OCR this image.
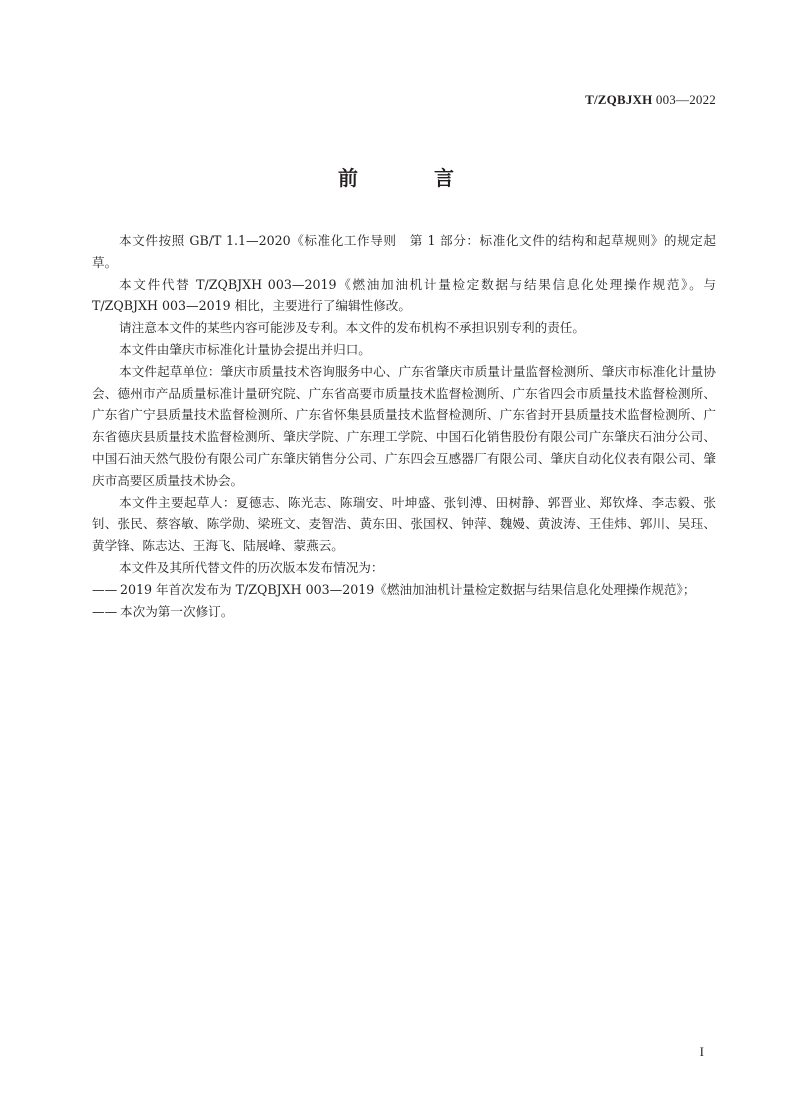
T/ZQBJXH 003—2022
前　言

本文件按照 GB/T 1.1—2020《标准化工作导则　第 1 部分：标准化文件的结构和起草规则》的规定起草。

本文件代替 T/ZQBJXH 003—2019《燃油加油机计量检定数据与结果信息化处理操作规范》。与 T/ZQBJXH 003—2019 相比，主要进行了编辑性修改。

请注意本文件的某些内容可能涉及专利。本文件的发布机构不承担识别专利的责任。

本文件由肇庆市标准化计量协会提出并归口。

本文件起草单位：肇庆市质量技术咨询服务中心、广东省肇庆市质量计量监督检测所、肇庆市标准化计量协会、德州市产品质量标准计量研究院、广东省高要市质量技术监督检测所、广东省四会市质量技术监督检测所、广东省广宁县质量技术监督检测所、广东省怀集县质量技术监督检测所、广东省封开县质量技术监督检测所、广东省德庆县质量技术监督检测所、肇庆学院、广东理工学院、中国石化销售股份有限公司广东肇庆石油分公司、中国石油天然气股份有限公司广东肇庆销售分公司、广东四会互感器厂有限公司、肇庆自动化仪表有限公司、肇庆市高要区质量技术协会。

本文件主要起草人：夏德志、陈光志、陈瑞安、叶坤盛、张钊溥、田树静、郭晋业、郑钦烽、李志毅、张钊、张民、蔡容敏、陈学勋、梁班文、麦智浩、黄东田、张国权、钟萍、魏嫚、黄波涛、王佳炜、郭川、吴珏、黄学锋、陈志达、王海飞、陆展峰、蒙燕云。

本文件及其所代替文件的历次版本发布情况为：

—— 2019 年首次发布为 T/ZQBJXH 003—2019《燃油加油机计量检定数据与结果信息化处理操作规范》；

—— 本次为第一次修订。

I
